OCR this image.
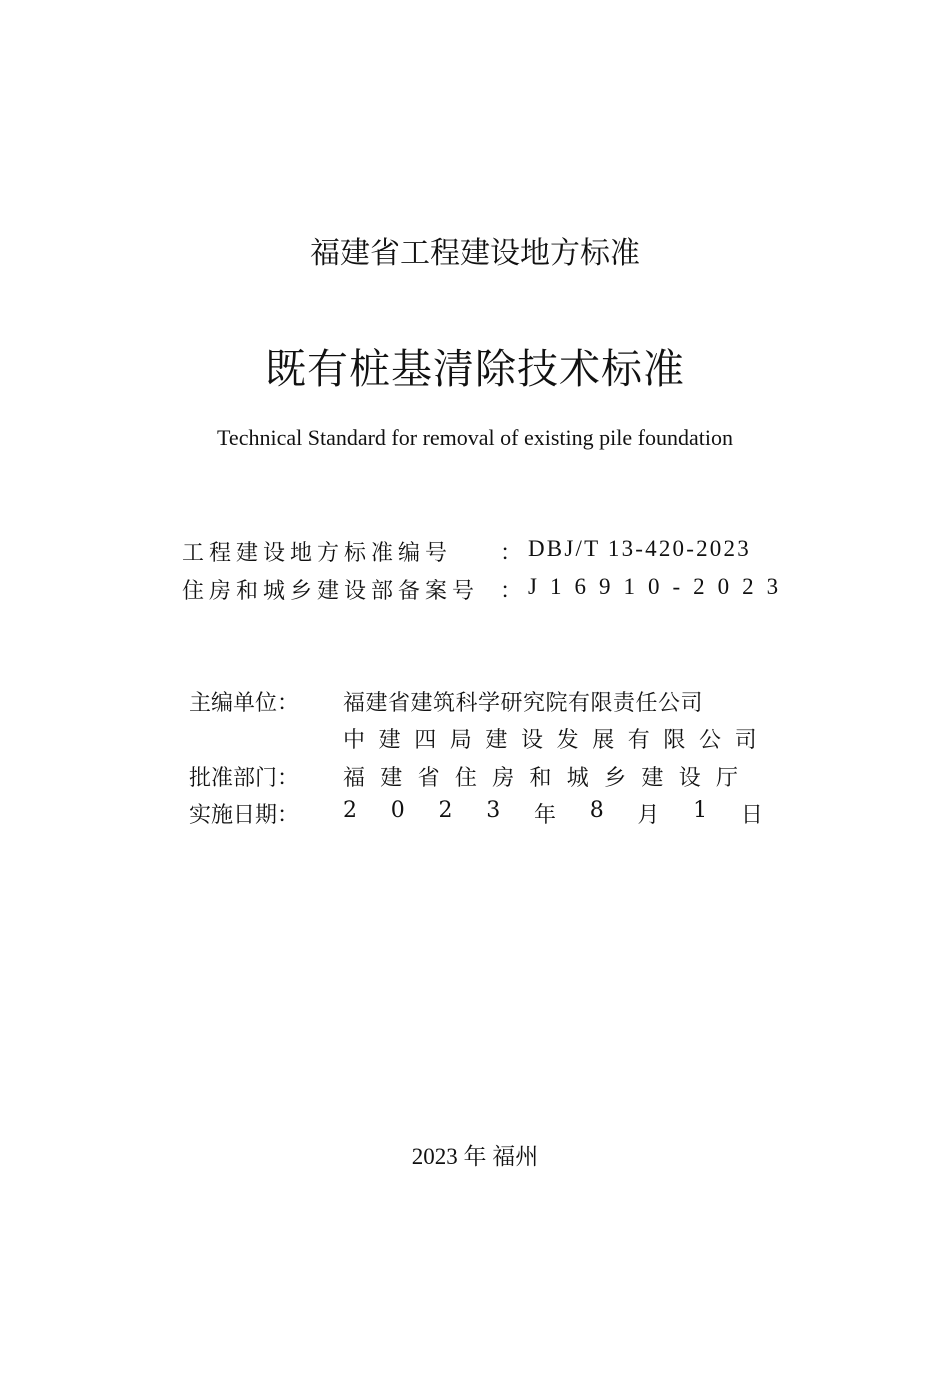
福建省工程建设地方标准
既有桩基清除技术标准
Technical Standard for removal of existing pile foundation
工程建设地方标准编号 ： DBJ/T 13-420-2023
住房和城乡建设部备案号 ： J16910-2023
主编单位： 福建省建筑科学研究院有限责任公司
中建四局建设发展有限公司
批准部门： 福建省住房和城乡建设厅
实施日期： 2 0 2 3 年 8 月 1 日
2023 年 福州
